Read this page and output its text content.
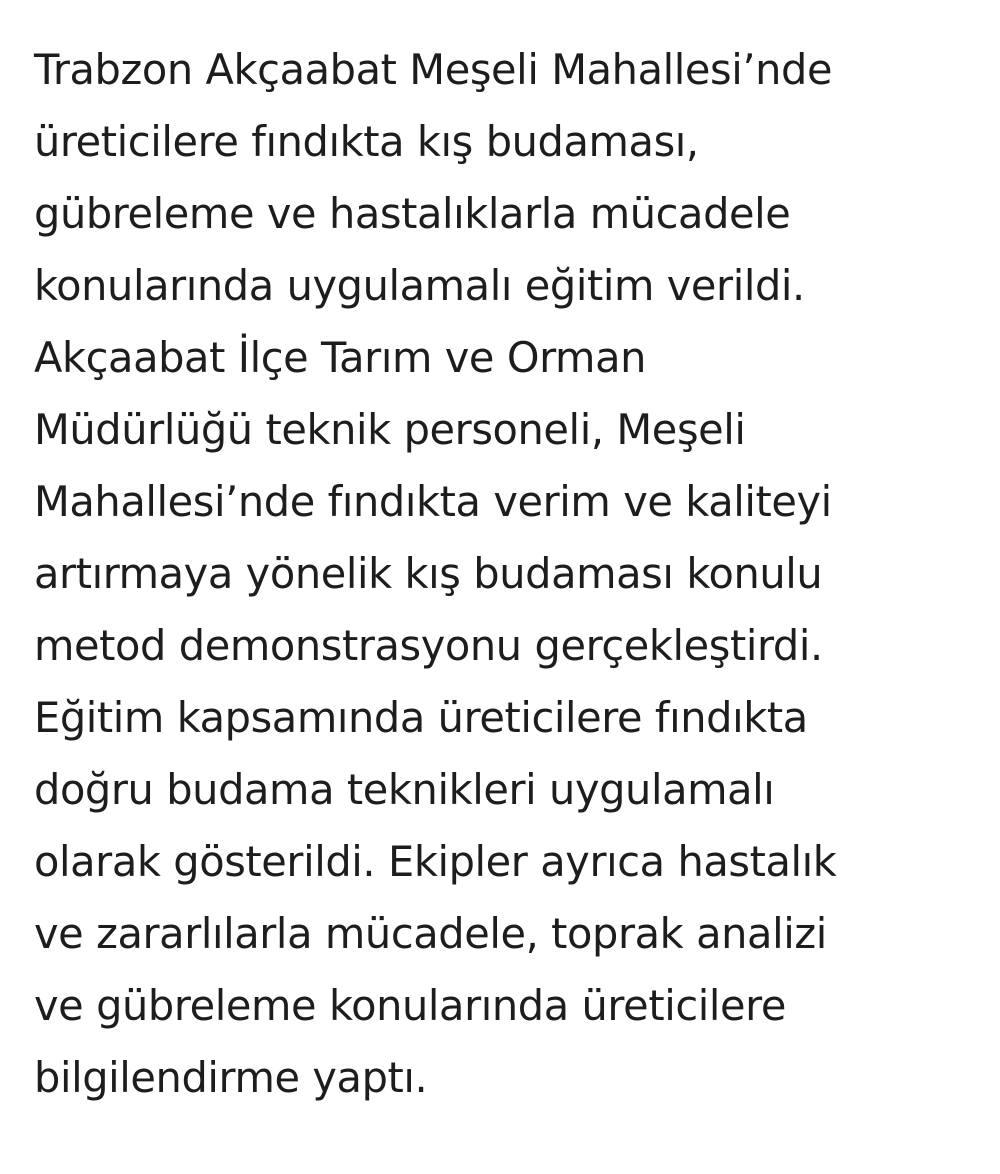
Trabzon Akçaabat Meşeli Mahallesi’nde
üreticilere fındıkta kış budaması,
gübreleme ve hastalıklarla mücadele
konularında uygulamalı eğitim verildi.
Akçaabat İlçe Tarım ve Orman
Müdürlüğü teknik personeli, Meşeli
Mahallesi’nde fındıkta verim ve kaliteyi
artırmaya yönelik kış budaması konulu
metod demonstrasyonu gerçekleştirdi.
Eğitim kapsamında üreticilere fındıkta
doğru budama teknikleri uygulamalı
olarak gösterildi. Ekipler ayrıca hastalık
ve zararlılarla mücadele, toprak analizi
ve gübreleme konularında üreticilere
bilgilendirme yaptı.
